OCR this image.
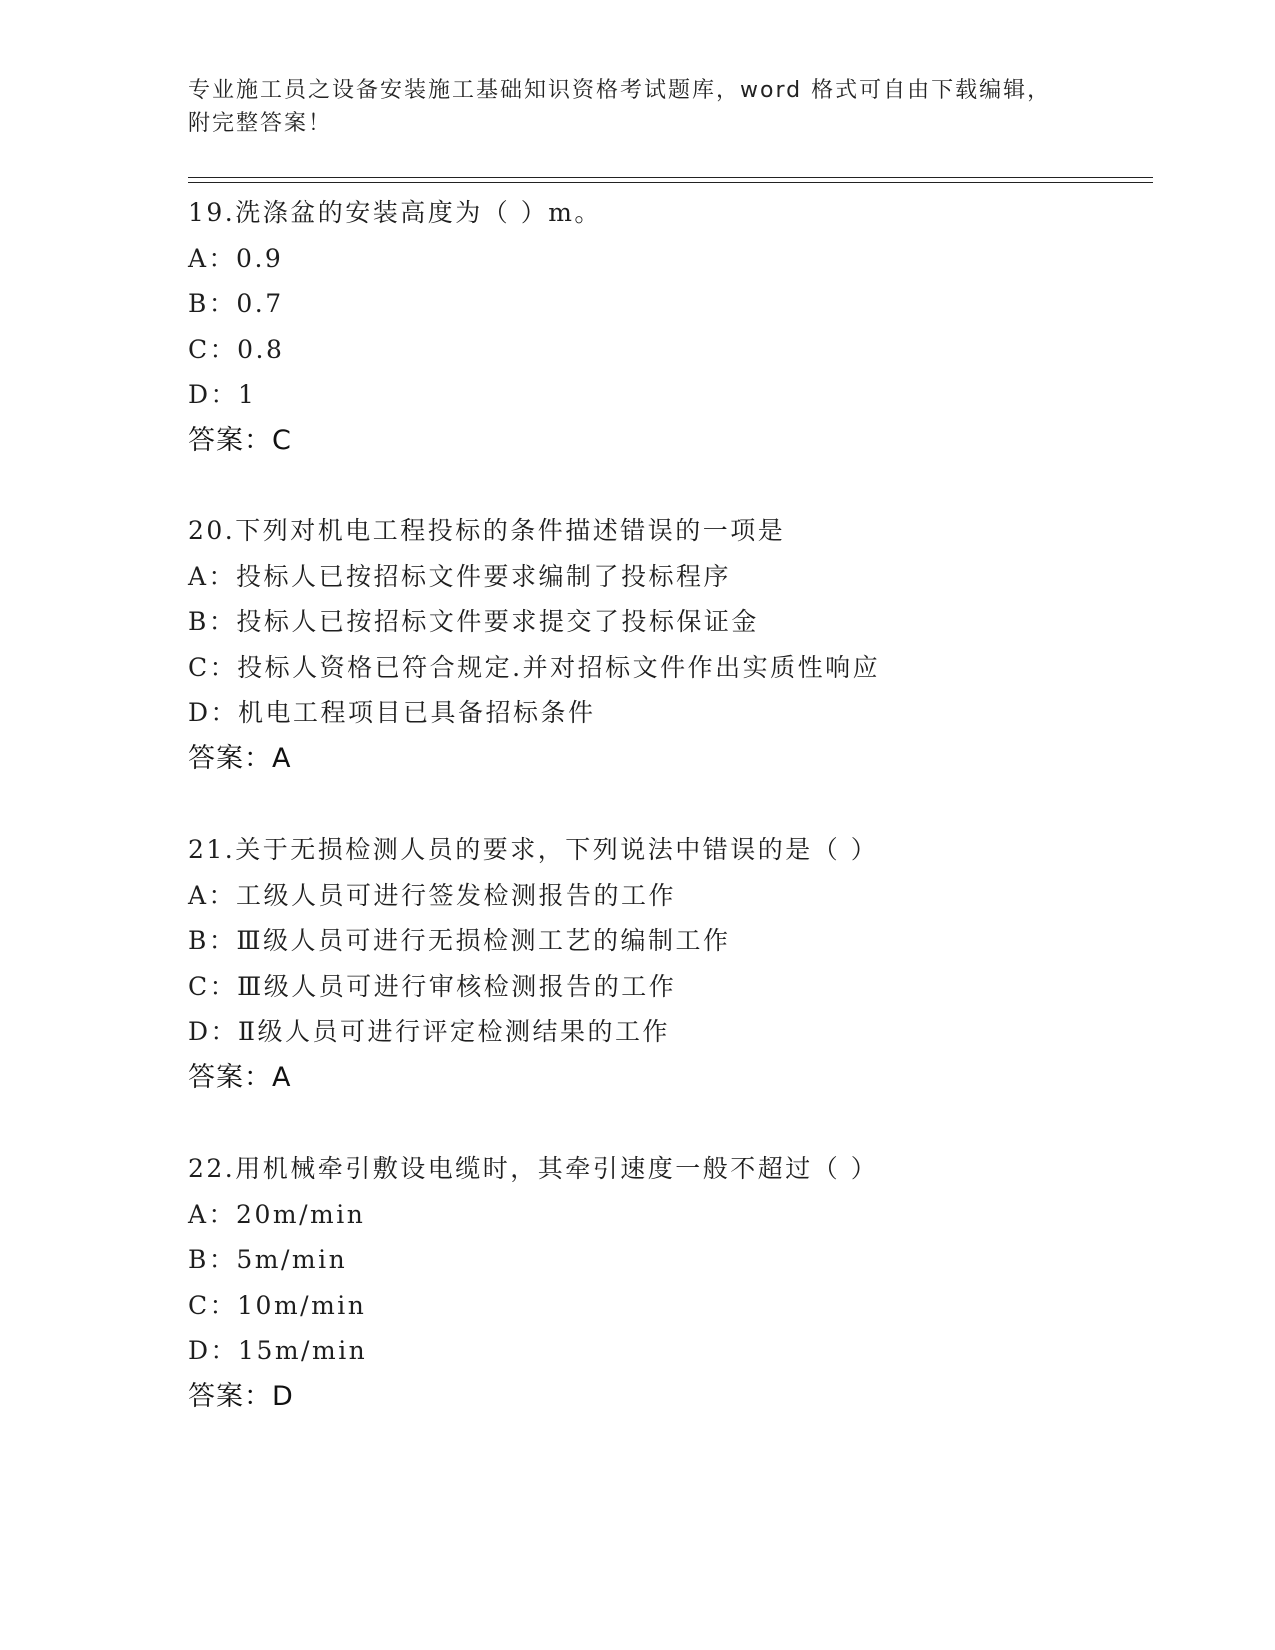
专业施工员之设备安装施工基础知识资格考试题库，word 格式可自由下载编辑，
附完整答案！
19.洗涤盆的安装高度为（ ）m。
A：0.9
B：0.7
C：0.8
D：1
答案：C
20.下列对机电工程投标的条件描述错误的一项是
A：投标人已按招标文件要求编制了投标程序
B：投标人已按招标文件要求提交了投标保证金
C：投标人资格已符合规定.并对招标文件作出实质性响应
D：机电工程项目已具备招标条件
答案：A
21.关于无损检测人员的要求，下列说法中错误的是（ ）
A：工级人员可进行签发检测报告的工作
B：Ⅲ级人员可进行无损检测工艺的编制工作
C：Ⅲ级人员可进行审核检测报告的工作
D：Ⅱ级人员可进行评定检测结果的工作
答案：A
22.用机械牵引敷设电缆时，其牵引速度一般不超过（ ）
A：20m/min
B：5m/min
C：10m/min
D：15m/min
答案：D
